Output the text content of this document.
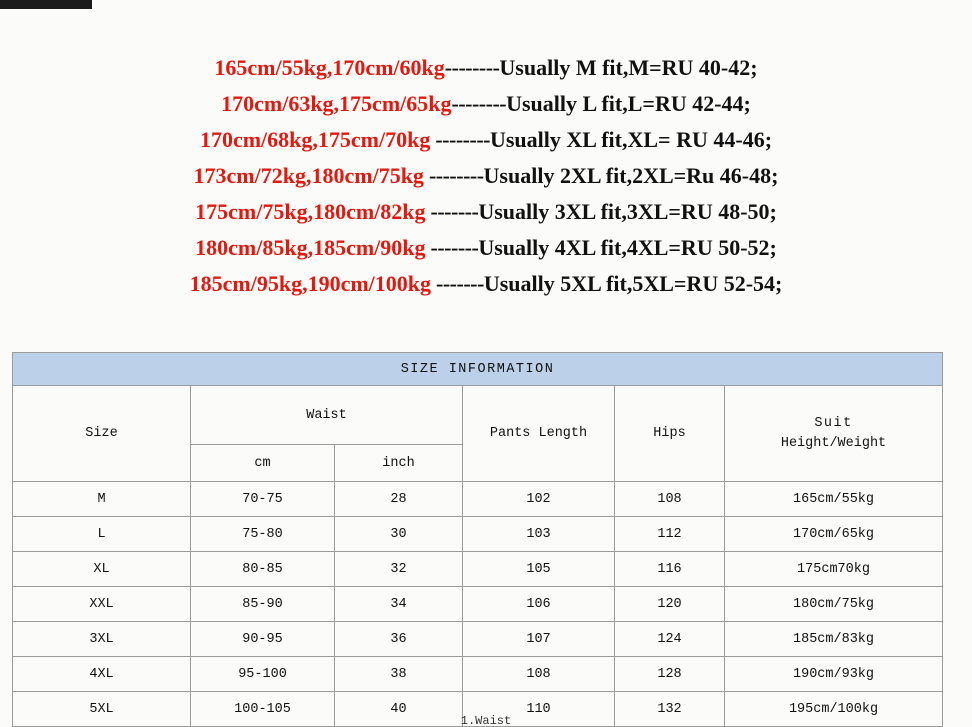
165cm/55kg,170cm/60kg--------Usually M fit,M=RU 40-42;
170cm/63kg,175cm/65kg--------Usually L fit,L=RU 42-44;
170cm/68kg,175cm/70kg --------Usually XL fit,XL= RU 44-46;
173cm/72kg,180cm/75kg --------Usually 2XL fit,2XL=Ru 46-48;
175cm/75kg,180cm/82kg -------Usually 3XL fit,3XL=RU 48-50;
180cm/85kg,185cm/90kg -------Usually 4XL fit,4XL=RU 50-52;
185cm/95kg,190cm/100kg -------Usually 5XL fit,5XL=RU 52-54;
SIZE INFORMATION					
Size	Waist		Pants Length	Hips	Suit
Height/Weight

	cm	inch			
M	70-75	28	102	108	165cm/55kg
L	75-80	30	103	112	170cm/65kg
XL	80-85	32	105	116	175cm70kg
XXL	85-90	34	106	120	180cm/75kg
3XL	90-95	36	107	124	185cm/83kg
4XL	95-100	38	108	128	190cm/93kg
5XL	100-105	40	110	132	195cm/100kg
1.Waist
